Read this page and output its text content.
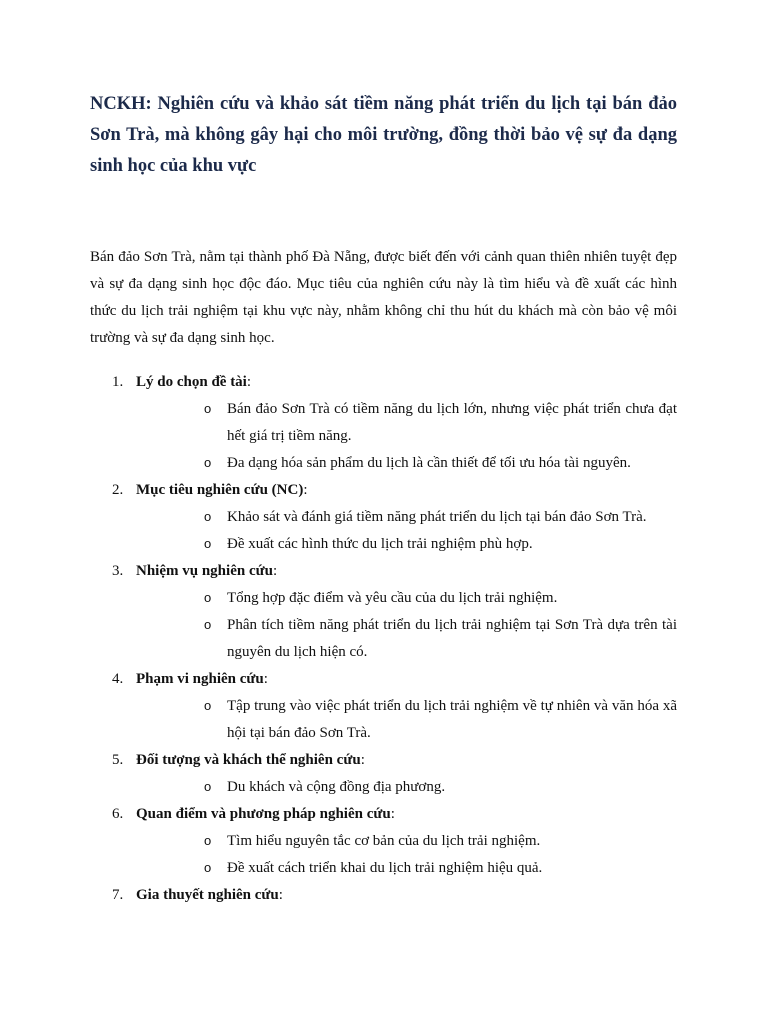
NCKH: Nghiên cứu và khảo sát tiềm năng phát triển du lịch tại bán đảo Sơn Trà, mà không gây hại cho môi trường, đồng thời bảo vệ sự đa dạng sinh học của khu vực

Bán đảo Sơn Trà, nằm tại thành phố Đà Nẵng, được biết đến với cảnh quan thiên nhiên tuyệt đẹp và sự đa dạng sinh học độc đáo. Mục tiêu của nghiên cứu này là tìm hiểu và đề xuất các hình thức du lịch trải nghiệm tại khu vực này, nhằm không chỉ thu hút du khách mà còn bảo vệ môi trường và sự đa dạng sinh học.

1. Lý do chọn đề tài:
o Bán đảo Sơn Trà có tiềm năng du lịch lớn, nhưng việc phát triển chưa đạt hết giá trị tiềm năng.
o Đa dạng hóa sản phẩm du lịch là cần thiết để tối ưu hóa tài nguyên.
2. Mục tiêu nghiên cứu (NC):
o Khảo sát và đánh giá tiềm năng phát triển du lịch tại bán đảo Sơn Trà.
o Đề xuất các hình thức du lịch trải nghiệm phù hợp.
3. Nhiệm vụ nghiên cứu:
o Tổng hợp đặc điểm và yêu cầu của du lịch trải nghiệm.
o Phân tích tiềm năng phát triển du lịch trải nghiệm tại Sơn Trà dựa trên tài nguyên du lịch hiện có.
4. Phạm vi nghiên cứu:
o Tập trung vào việc phát triển du lịch trải nghiệm về tự nhiên và văn hóa xã hội tại bán đảo Sơn Trà.
5. Đối tượng và khách thể nghiên cứu:
o Du khách và cộng đồng địa phương.
6. Quan điểm và phương pháp nghiên cứu:
o Tìm hiểu nguyên tắc cơ bản của du lịch trải nghiệm.
o Đề xuất cách triển khai du lịch trải nghiệm hiệu quả.
7. Gia thuyết nghiên cứu:
